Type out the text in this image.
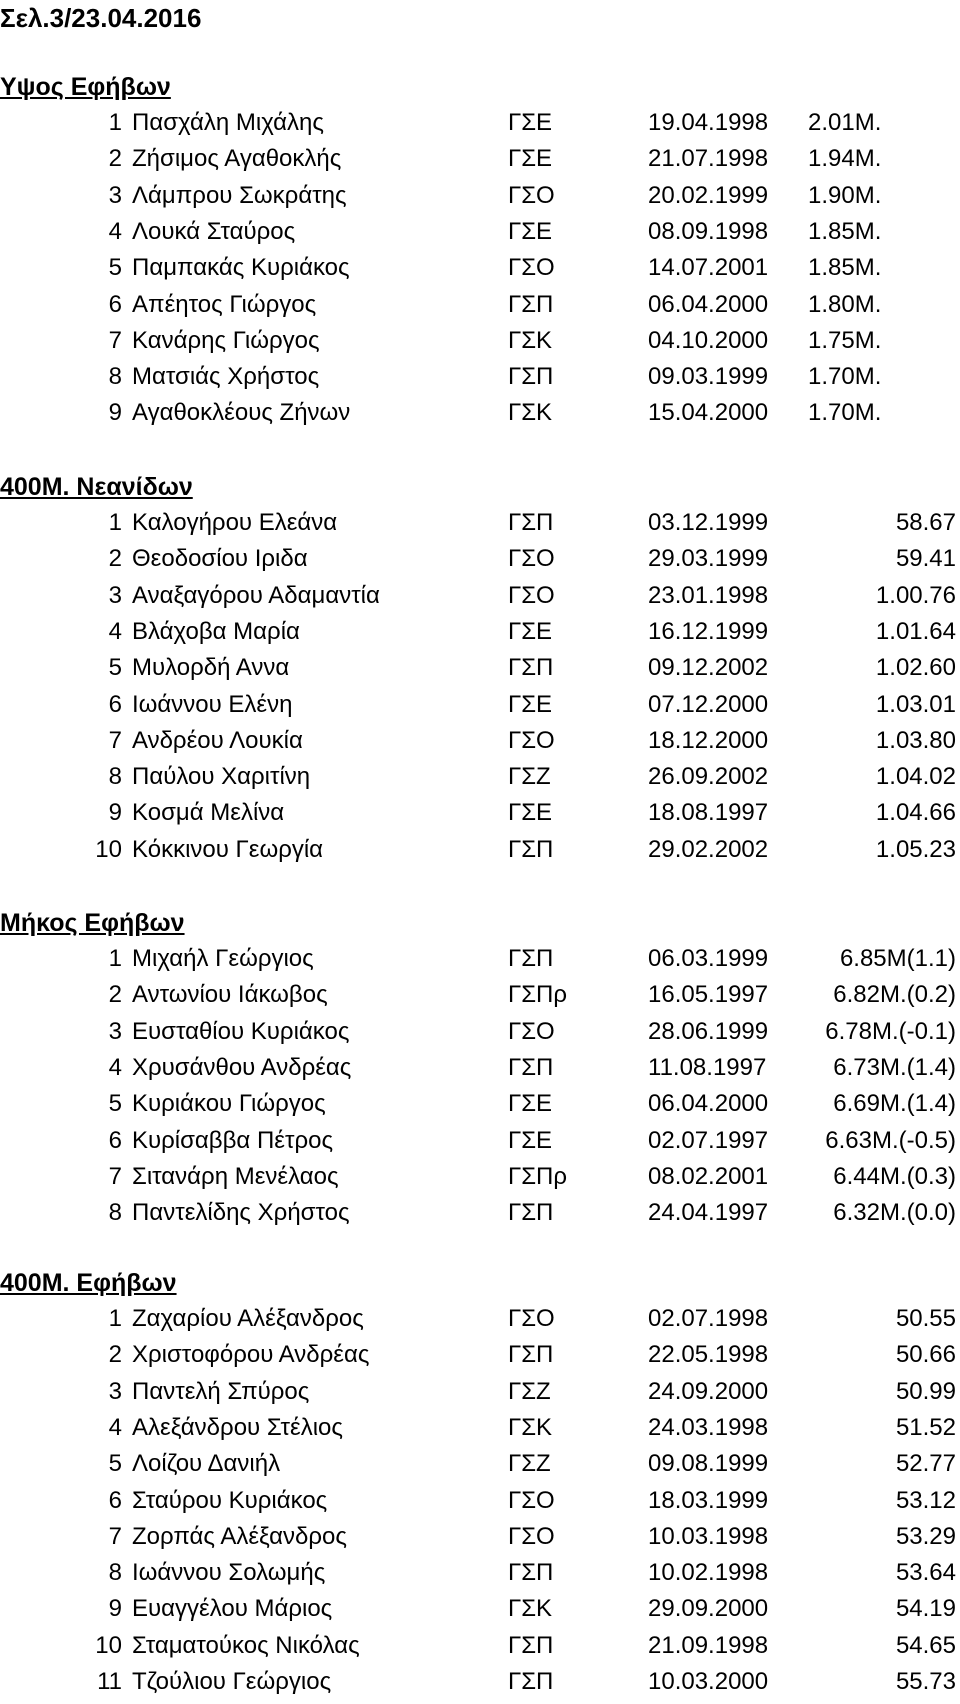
Σελ.3/23.04.2016
Υψος Εφήβων
1 Πασχάλη Μιχάλης	ΓΣΕ	19.04.1998 2.01Μ.
2 Ζήσιμος Αγαθοκλής	ΓΣΕ	21.07.1998 1.94Μ.
3 Λάμπρου Σωκράτης	ΓΣΟ	20.02.1999 1.90Μ.
4 Λουκά Σταύρος	ΓΣΕ	08.09.1998 1.85Μ.
5 Παμπακάς Κυριάκος	ΓΣΟ	14.07.2001 1.85Μ.
6 Απέητος Γιώργος	ΓΣΠ	06.04.2000 1.80Μ.
7 Κανάρης Γιώργος	ΓΣΚ	04.10.2000 1.75Μ.
8 Ματσιάς Χρήστος	ΓΣΠ	09.03.1999 1.70Μ.
9 Αγαθοκλέους Ζήνων	ΓΣΚ	15.04.2000 1.70Μ.
400Μ. Νεανίδων
1 Καλογήρου Ελεάνα	ΓΣΠ	03.12.1999	58.67
2 Θεοδοσίου Ιριδα	ΓΣΟ	29.03.1999	59.41
3 Αναξαγόρου Αδαμαντία	ΓΣΟ	23.01.1998	1.00.76
4 Βλάχοβα Μαρία	ΓΣΕ	16.12.1999	1.01.64
5 Μυλορδή Αννα	ΓΣΠ	09.12.2002	1.02.60
6 Ιωάννου Ελένη	ΓΣΕ	07.12.2000	1.03.01
7 Ανδρέου Λουκία	ΓΣΟ	18.12.2000	1.03.80
8 Παύλου Χαριτίνη	ΓΣΖ	26.09.2002	1.04.02
9 Κοσμά Μελίνα	ΓΣΕ	18.08.1997	1.04.66
10 Κόκκινου Γεωργία	ΓΣΠ	29.02.2002	1.05.23
Μήκος Εφήβων
1 Μιχαήλ Γεώργιος	ΓΣΠ	06.03.1999	6.85Μ(1.1)
2 Αντωνίου Ιάκωβος	ΓΣΠρ	16.05.1997	6.82Μ.(0.2)
3 Ευσταθίου Κυριάκος	ΓΣΟ	28.06.1999 6.78Μ.(-0.1)
4 Χρυσάνθου Ανδρέας	ΓΣΠ	11.08.1997	6.73Μ.(1.4)
5 Κυριάκου Γιώργος	ΓΣΕ	06.04.2000	6.69Μ.(1.4)
6 Κυρίσαββα Πέτρος	ΓΣΕ	02.07.1997 6.63Μ.(-0.5)
7 Σιτανάρη Μενέλαος	ΓΣΠρ	08.02.2001	6.44Μ.(0.3)
8 Παντελίδης Χρήστος	ΓΣΠ	24.04.1997	6.32Μ.(0.0)
400Μ. Εφήβων
1 Ζαχαρίου Αλέξανδρος	ΓΣΟ	02.07.1998	50.55
2 Χριστοφόρου Ανδρέας	ΓΣΠ	22.05.1998	50.66
3 Παντελή Σπύρος	ΓΣΖ	24.09.2000	50.99
4 Αλεξάνδρου Στέλιος	ΓΣΚ	24.03.1998	51.52
5 Λοίζου Δανιήλ	ΓΣΖ	09.08.1999	52.77
6 Σταύρου Κυριάκος	ΓΣΟ	18.03.1999	53.12
7 Ζορπάς Αλέξανδρος	ΓΣΟ	10.03.1998	53.29
8 Ιωάννου Σολωμής	ΓΣΠ	10.02.1998	53.64
9 Ευαγγέλου Μάριος	ΓΣΚ	29.09.2000	54.19
10 Σταματούκος Νικόλας	ΓΣΠ	21.09.1998	54.65
11 Τζούλιου Γεώργιος	ΓΣΠ	10.03.2000	55.73
